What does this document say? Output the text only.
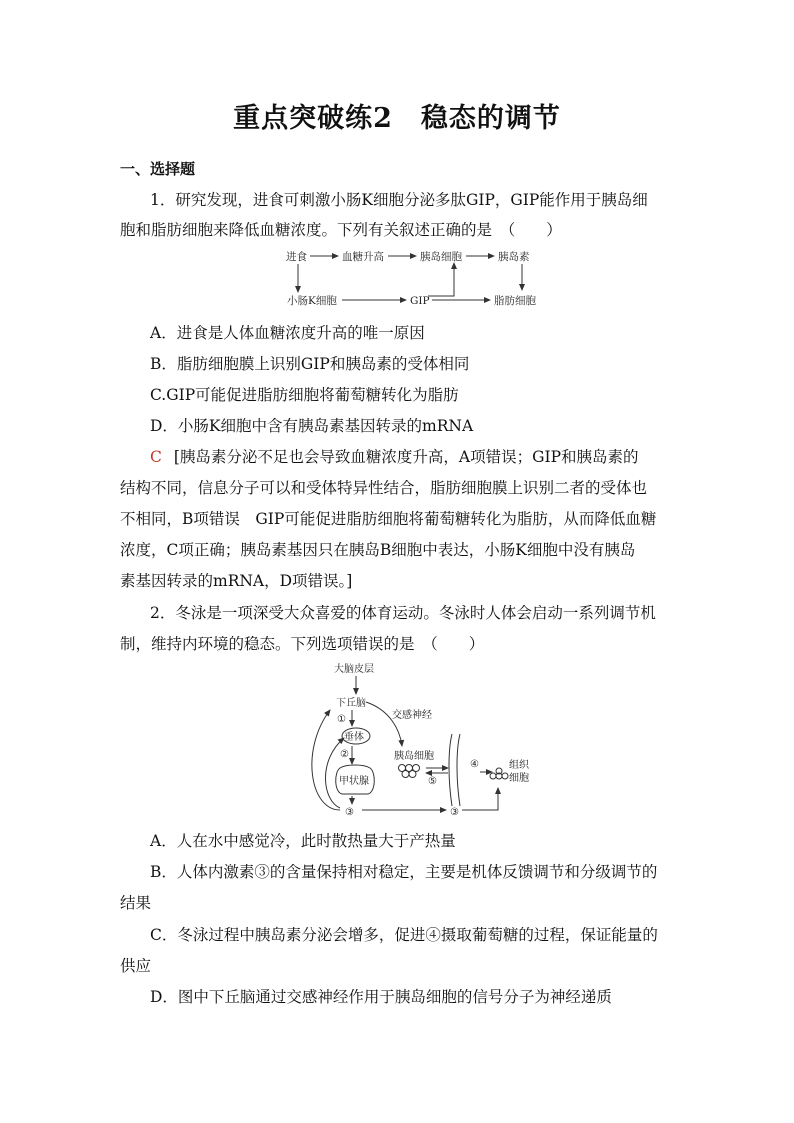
重点突破练2　稳态的调节
一、选择题
1．研究发现，进食可刺激小肠K细胞分泌多肽GIP，GIP能作用于胰岛细
胞和脂肪细胞来降低血糖浓度。下列有关叙述正确的是　（　　）
进食	血糖升高	胰岛细胞	胰岛素
小肠K细胞	GIP	脂肪细胞
A．进食是人体血糖浓度升高的唯一原因
B．脂肪细胞膜上识别GIP和胰岛素的受体相同
C.GIP可能促进脂肪细胞将葡萄糖转化为脂肪
D．小肠K细胞中含有胰岛素基因转录的mRNA
C [胰岛素分泌不足也会导致血糖浓度升高，A项错误；GIP和胰岛素的
结构不同，信息分子可以和受体特异性结合，脂肪细胞膜上识别二者的受体也
不相同，B项错误　GIP可能促进脂肪细胞将葡萄糖转化为脂肪，从而降低血糖
浓度，C项正确；胰岛素基因只在胰岛B细胞中表达，小肠K细胞中没有胰岛
素基因转录的mRNA，D项错误。]
2．冬泳是一项深受大众喜爱的体育运动。冬泳时人体会启动一系列调节机
制，维持内环境的稳态。下列选项错误的是　（　　）
大脑皮层
下丘脑
①	交感神经
垂体
②	胰岛细胞
甲状腺
④
⑤
组织
细胞
③	③
A．人在水中感觉冷，此时散热量大于产热量
B．人体内激素③的含量保持相对稳定，主要是机体反馈调节和分级调节的
结果
C．冬泳过程中胰岛素分泌会增多，促进④摄取葡萄糖的过程，保证能量的
供应
D．图中下丘脑通过交感神经作用于胰岛细胞的信号分子为神经递质
